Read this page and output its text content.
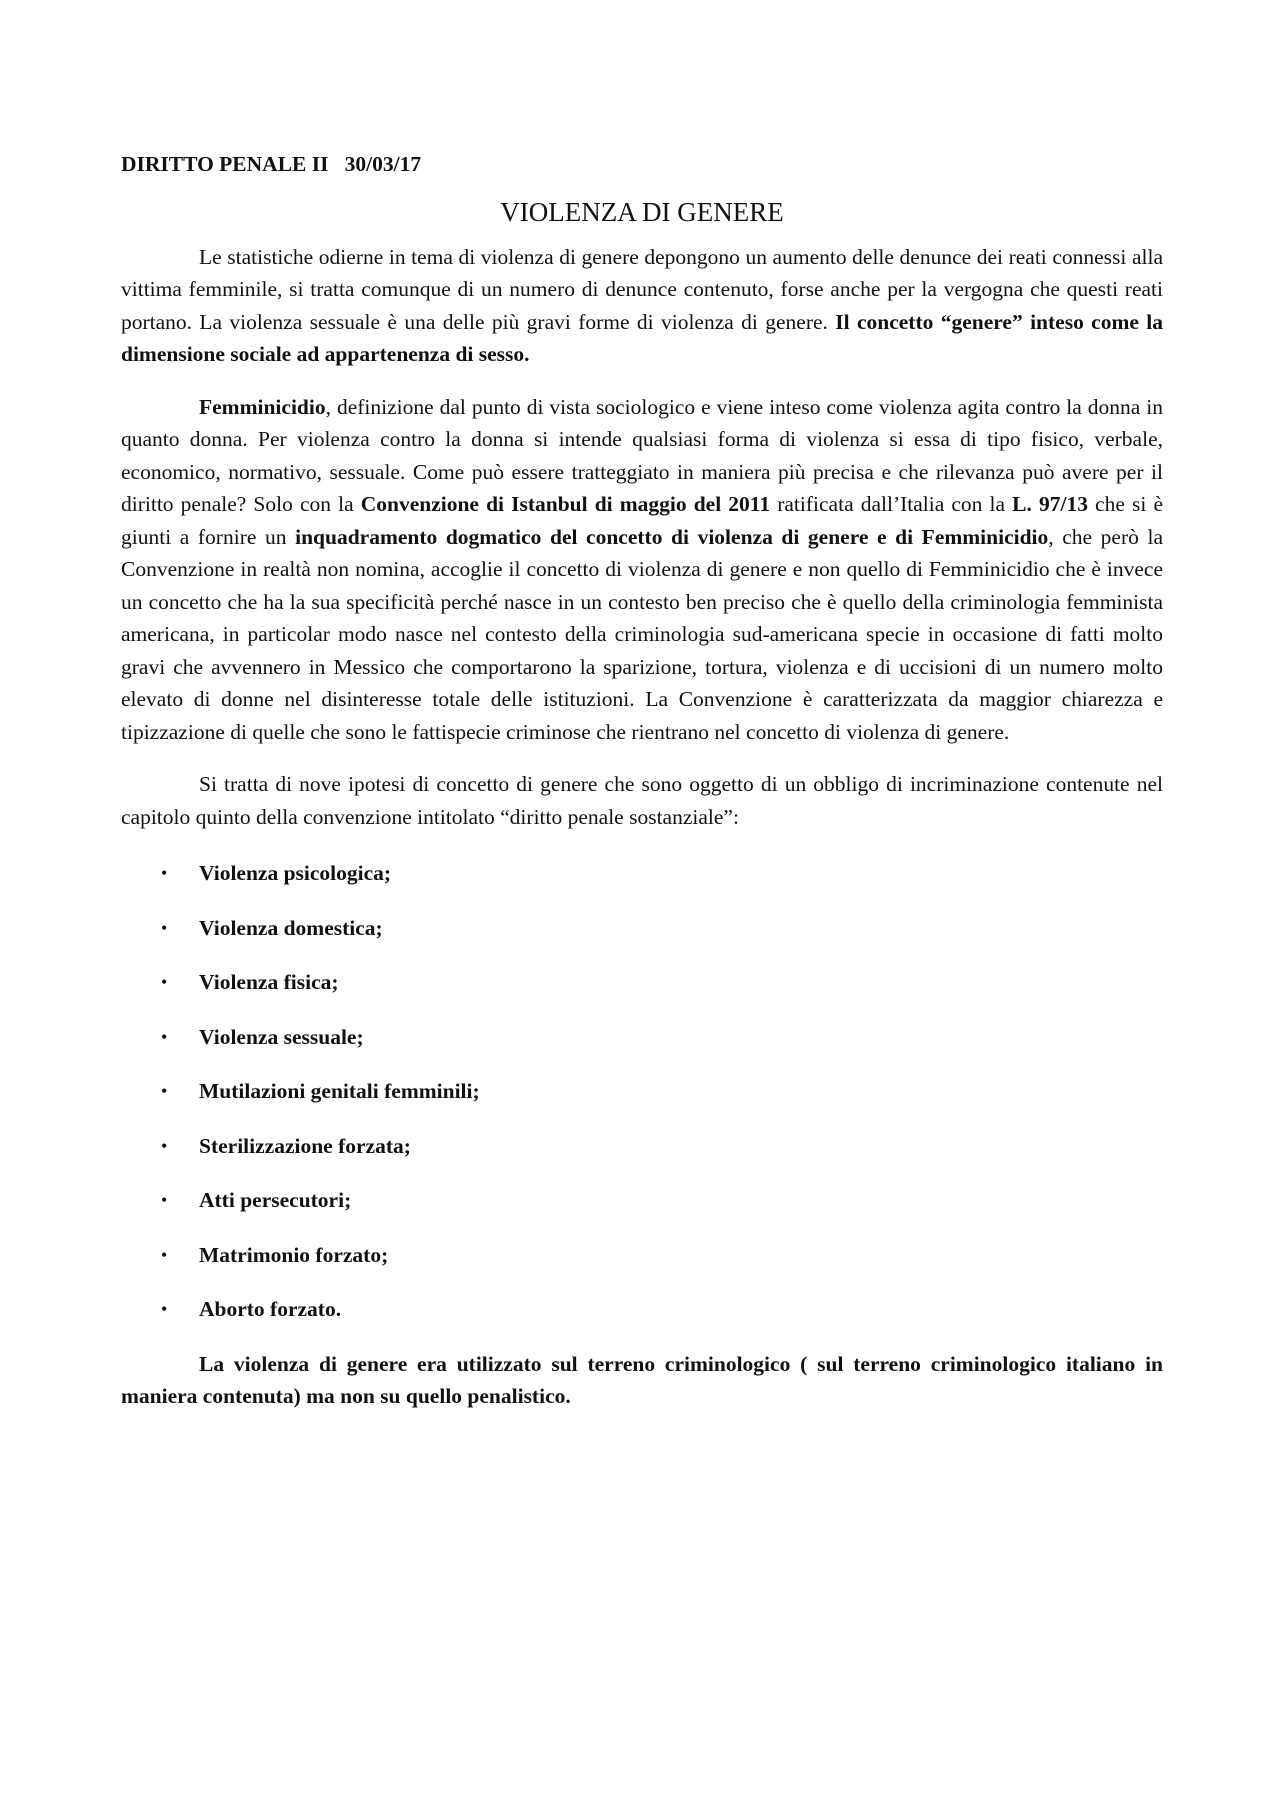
DIRITTO PENALE II   30/03/17
VIOLENZA DI GENERE

Le statistiche odierne in tema di violenza di genere depongono un aumento delle denunce dei reati connessi alla vittima femminile, si tratta comunque di un numero di denunce contenuto, forse anche per la vergogna che questi reati portano. La violenza sessuale è una delle più gravi forme di violenza di genere. Il concetto “genere” inteso come la dimensione sociale ad appartenenza di sesso.

Femminicidio, definizione dal punto di vista sociologico e viene inteso come violenza agita contro la donna in quanto donna. Per violenza contro la donna si intende qualsiasi forma di violenza si essa di tipo fisico, verbale, economico, normativo, sessuale. Come può essere tratteggiato in maniera più precisa e che rilevanza può avere per il diritto penale? Solo con la Convenzione di Istanbul di maggio del 2011 ratificata dall’Italia con la L. 97/13 che si è giunti a fornire un inquadramento dogmatico del concetto di violenza di genere e di Femminicidio, che però la Convenzione in realtà non nomina, accoglie il concetto di violenza di genere e non quello di Femminicidio che è invece un concetto che ha la sua specificità perché nasce in un contesto ben preciso che è quello della criminologia femminista americana, in particolar modo nasce nel contesto della criminologia sud-americana specie in occasione di fatti molto gravi che avvennero in Messico che comportarono la sparizione, tortura, violenza e di uccisioni di un numero molto elevato di donne nel disinteresse totale delle istituzioni. La Convenzione è caratterizzata da maggior chiarezza e tipizzazione di quelle che sono le fattispecie criminose che rientrano nel concetto di violenza di genere.

Si tratta di nove ipotesi di concetto di genere che sono oggetto di un obbligo di incriminazione contenute nel capitolo quinto della convenzione intitolato “diritto penale sostanziale”:

• Violenza psicologica;
• Violenza domestica;
• Violenza fisica;
• Violenza sessuale;
• Mutilazioni genitali femminili;
• Sterilizzazione forzata;
• Atti persecutori;
• Matrimonio forzato;
• Aborto forzato.

La violenza di genere era utilizzato sul terreno criminologico ( sul terreno criminologico italiano in maniera contenuta) ma non su quello penalistico.
